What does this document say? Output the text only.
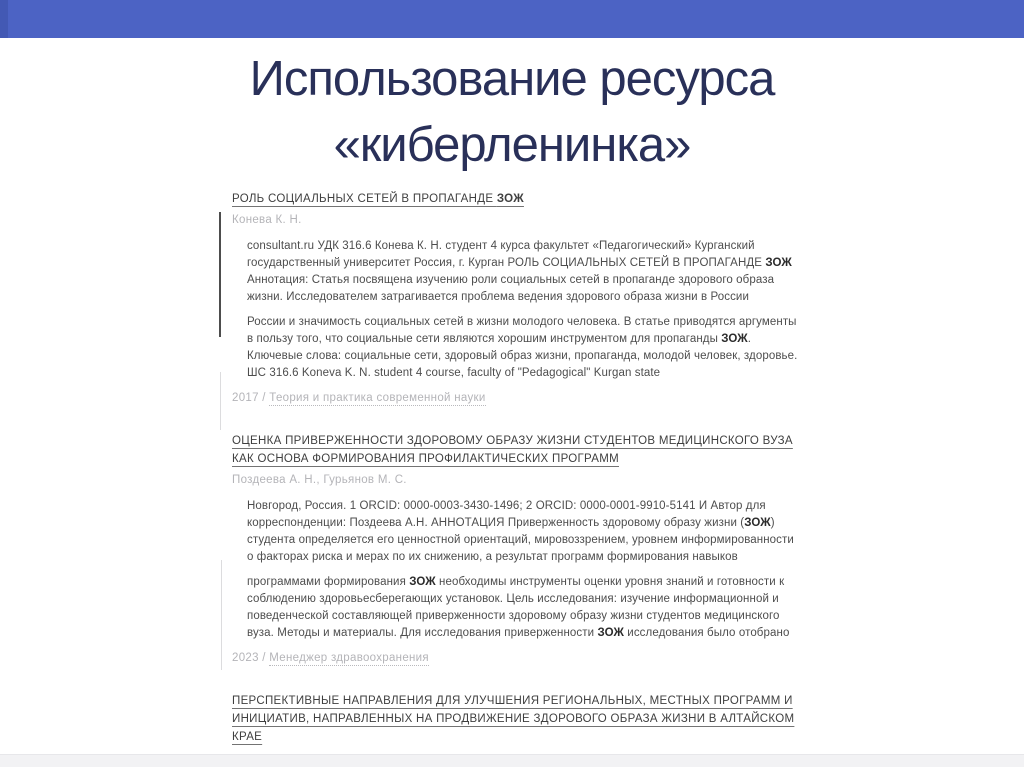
Использование ресурса
«киберленинка»
РОЛЬ СОЦИАЛЬНЫХ СЕТЕЙ В ПРОПАГАНДЕ ЗОЖ
Конева К. Н.

consultant.ru УДК 316.6 Конева К. Н. студент 4 курса факультет «Педагогический» Курганский государственный университет Россия, г. Курган РОЛЬ СОЦИАЛЬНЫХ СЕТЕЙ В ПРОПАГАНДЕ ЗОЖ Аннотация: Статья посвящена изучению роли социальных сетей в пропаганде здорового образа жизни. Исследователем затрагивается проблема ведения здорового образа жизни в России

России и значимость социальных сетей в жизни молодого человека. В статье приводятся аргументы в пользу того, что социальные сети являются хорошим инструментом для пропаганды ЗОЖ. Ключевые слова: социальные сети, здоровый образ жизни, пропаганда, молодой человек, здоровье. ШС 316.6 Koneva K. N. student 4 course, faculty of "Pedagogical" Kurgan state

2017 / Теория и практика современной науки
ОЦЕНКА ПРИВЕРЖЕННОСТИ ЗДОРОВОМУ ОБРАЗУ ЖИЗНИ СТУДЕНТОВ МЕДИЦИНСКОГО ВУЗА КАК ОСНОВА ФОРМИРОВАНИЯ ПРОФИЛАКТИЧЕСКИХ ПРОГРАММ
Поздеева А. Н., Гурьянов М. С.

Новгород, Россия. 1 ORCID: 0000-0003-3430-1496; 2 ORCID: 0000-0001-9910-5141 И Автор для корреспонденции: Поздеева А.Н. АННОТАЦИЯ Приверженность здоровому образу жизни (ЗОЖ) студента определяется его ценностной ориентаций, мировоззрением, уровнем информированности о факторах риска и мерах по их снижению, а результат программ формирования навыков

программами формирования ЗОЖ необходимы инструменты оценки уровня знаний и готовности к соблюдению здоровьесберегающих установок. Цель исследования: изучение информационной и поведенческой составляющей приверженности здоровому образу жизни студентов медицинского вуза. Методы и материалы. Для исследования приверженности ЗОЖ исследования было отобрано

2023 / Менеджер здравоохранения
ПЕРСПЕКТИВНЫЕ НАПРАВЛЕНИЯ ДЛЯ УЛУЧШЕНИЯ РЕГИОНАЛЬНЫХ, МЕСТНЫХ ПРОГРАММ И ИНИЦИАТИВ, НАПРАВЛЕННЫХ НА ПРОДВИЖЕНИЕ ЗДОРОВОГО ОБРАЗА ЖИЗНИ В АЛТАЙСКОМ КРАЕ
